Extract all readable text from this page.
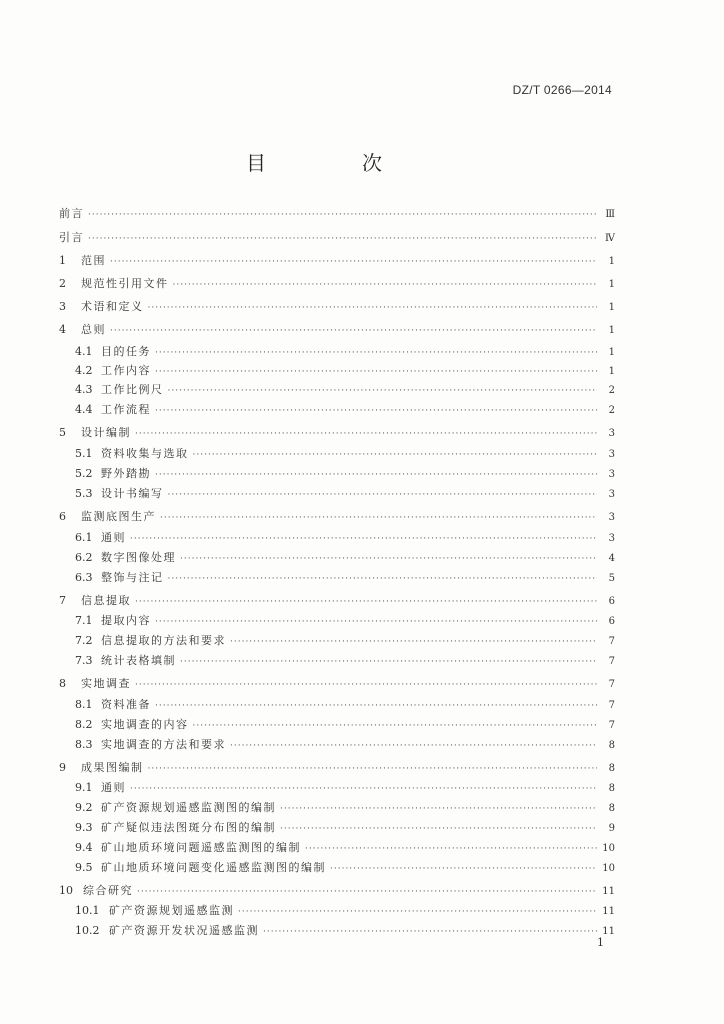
DZ/T 0266—2014
目　次
前言 ·····	Ⅲ
引言 ·····	Ⅳ
1	范围 ·····	1
2	规范性引用文件 ·····	1
3	术语和定义 ·····	1
4	总则 ·····	1
4.1 目的任务 ·····	1
4.2 工作内容 ·····	1
4.3 工作比例尺 ·····	2
4.4 工作流程 ·····	2
5	设计编制 ·····	3
5.1 资料收集与选取 ·····	3
5.2 野外踏勘 ·····	3
5.3 设计书编写 ·····	3
6	监测底图生产 ·····	3
6.1 通则 ·····	3
6.2 数字图像处理 ·····	4
6.3 整饰与注记 ·····	5
7	信息提取 ·····	6
7.1 提取内容 ·····	6
7.2 信息提取的方法和要求 ·····	7
7.3 统计表格填制 ·····	7
8	实地调查 ·····	7
8.1 资料准备 ·····	7
8.2 实地调查的内容 ·····	7
8.3 实地调查的方法和要求 ·····	8
9	成果图编制 ·····	8
9.1 通则 ·····	8
9.2 矿产资源规划遥感监测图的编制 ·····	8
9.3 矿产疑似违法图斑分布图的编制 ·····	9
9.4 矿山地质环境问题遥感监测图的编制 ·····	10
9.5 矿山地质环境问题变化遥感监测图的编制 ·····	10
10 综合研究 ·····	11
10.1 矿产资源规划遥感监测 ·····	11
10.2 矿产资源开发状况遥感监测 ·····	11
1
